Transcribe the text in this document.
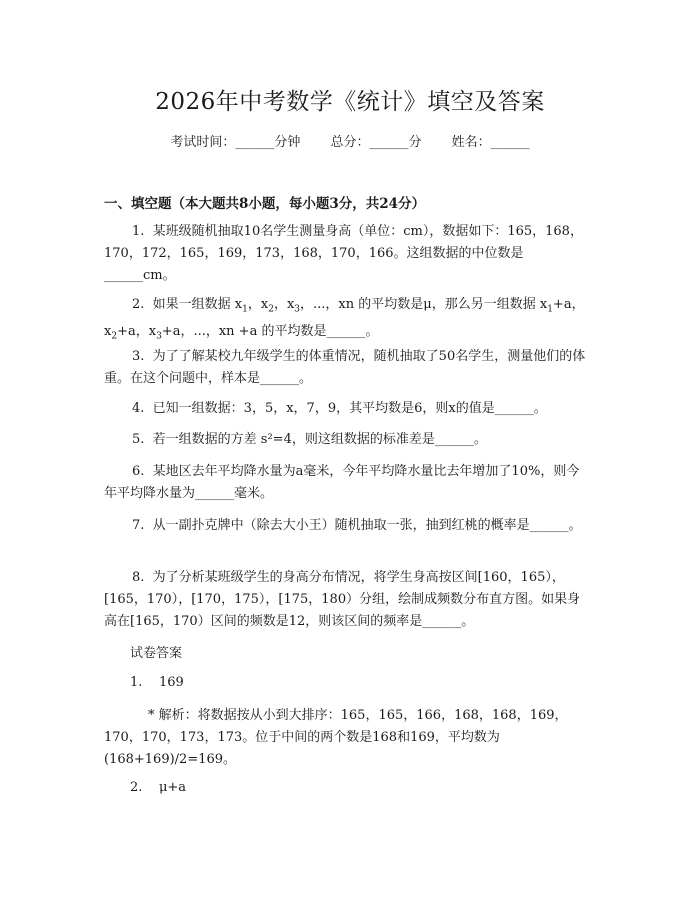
2026年中考数学《统计》填空及答案
考试时间：______分钟 总分：______分 姓名：______
一、填空题（本大题共8小题，每小题3分，共24分）
1. 某班级随机抽取10名学生测量身高（单位：cm），数据如下：165，168，170，172，165，169，173，168，170，166。这组数据的中位数是______cm。
2. 如果一组数据 $x_1$，$x_2$，$x_3$，...，xn 的平均数是μ，那么另一组数据 $x_1+a$，$x_2+a$，$x_3+a$，...，xn +a 的平均数是______。
3. 为了了解某校九年级学生的体重情况，随机抽取了50名学生，测量他们的体重。在这个问题中，样本是______。
4. 已知一组数据：3，5，x，7，9，其平均数是6，则x的值是______。
5. 若一组数据的方差 s²=4，则这组数据的标准差是______。
6. 某地区去年平均降水量为a毫米，今年平均降水量比去年增加了10%，则今年平均降水量为______毫米。
7. 从一副扑克牌中（除去大小王）随机抽取一张，抽到红桃的概率是______。
8. 为了分析某班级学生的身高分布情况，将学生身高按区间[160，165），[165，170），[170，175），[175，180）分组，绘制成频数分布直方图。如果身高在[165，170）区间的频数是12，则该区间的频率是______。
试卷答案
1. 169
* 解析：将数据按从小到大排序：165，165，166，168，168，169，170，170，173，173。位于中间的两个数是168和169，平均数为(168+169)/2=169。
2. μ+a
